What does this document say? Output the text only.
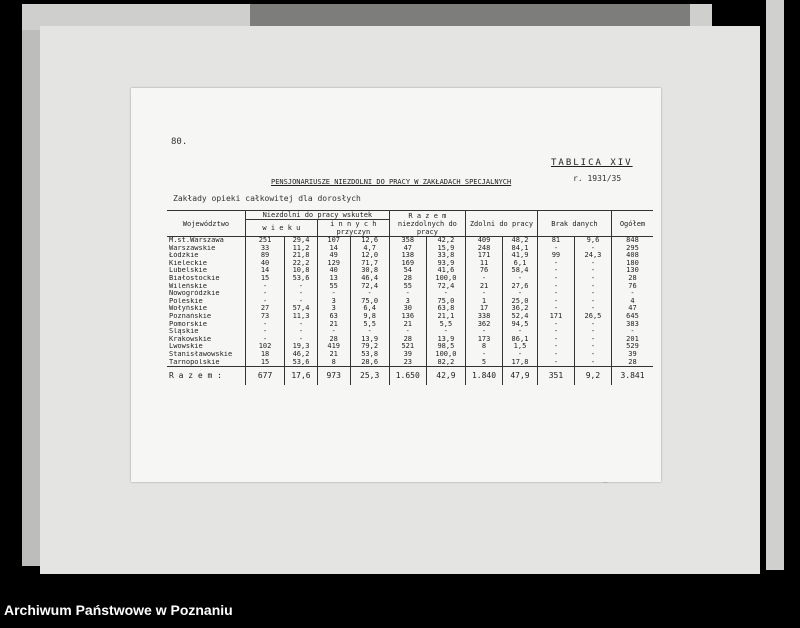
80.
TABLICA XIV
r. 1931/35
PENSJONARIUSZE NIEZDOLNI DO PRACY W ZAKŁADACH SPECJALNYCH
Zakłady opieki całkowitej dla dorosłych
Województwo	Niezdolni do pracy wskutek				R a z e m niezdolnych do pracy		Zdolni do pracy		Brak danych		Ogółem
	w i e k u		i n n y c h przyczyn								
M.st.Warszawa	251	29,4	107	12,6	358	42,2	409	48,2	81	9,6	848

Warszawskie	33	11,2	14	4,7	47	15,9	248	84,1	-	-	295
Łódzkie	89	21,8	49	12,0	138	33,8	171	41,9	99	24,3	408
Kieleckie	40	22,2	129	71,7	169	93,9	11	6,1	-	-	180
Lubelskie	14	10,8	40	30,8	54	41,6	76	58,4	-	-	130
Białostockie	15	53,6	13	46,4	28	100,0	-	-	-	-	28
Wileńskie	-	-	55	72,4	55	72,4	21	27,6	-	-	76
Nowogródzkie	-	-	-	-	-	-	-	-	-	-	-
Poleskie	-	-	3	75,0	3	75,0	1	25,0	-	-	4
Wołyńskie	27	57,4	3	6,4	30	63,8	17	36,2	-	-	47
Poznańskie	73	11,3	63	9,8	136	21,1	338	52,4	171	26,5	645
Pomorskie	-	-	21	5,5	21	5,5	362	94,5	-	-	383
Śląskie	-	-	-	-	-	-	-	-	-	-	-
Krakowskie	-	-	28	13,9	28	13,9	173	86,1	-	-	201
Lwowskie	102	19,3	419	79,2	521	98,5	8	1,5	-	-	529
Stanisławowskie	18	46,2	21	53,8	39	100,0	-	-	-	-	39
Tarnopolskie	15	53,6	8	28,6	23	82,2	5	17,8	-	-	28
R a z e m :	677	17,6	973	25,3	1.650	42,9	1.840	47,9	351	9,2	3.841
Archiwum Państwowe w Poznaniu
